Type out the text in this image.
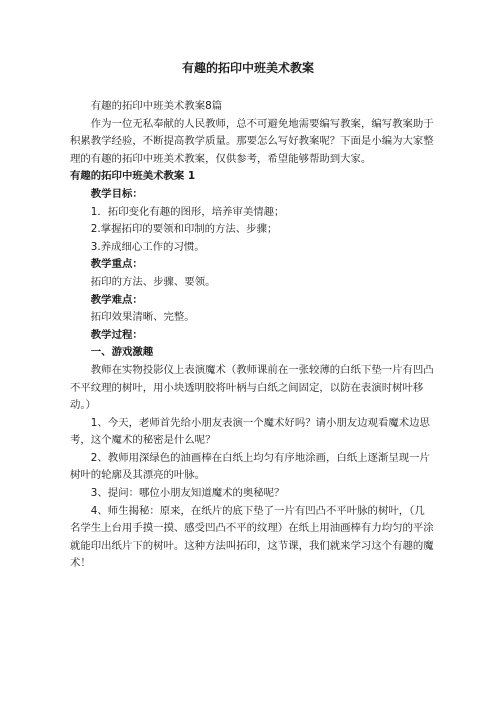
有趣的拓印中班美术教案

有趣的拓印中班美术教案8篇

作为一位无私奉献的人民教师，总不可避免地需要编写教案，编写教案助于积累教学经验，不断提高教学质量。那要怎么写好教案呢？下面是小编为大家整理的有趣的拓印中班美术教案，仅供参考，希望能够帮助到大家。

有趣的拓印中班美术教案 1

教学目标：

1．拓印变化有趣的图形，培养审美情趣；

2.掌握拓印的要领和印制的方法、步骤；

3.养成细心工作的习惯。

教学重点：

拓印的方法、步骤、要领。

教学难点：

拓印效果清晰、完整。

教学过程：

一、游戏激趣

教师在实物投影仪上表演魔术（教师课前在一张较薄的白纸下垫一片有凹凸不平纹理的树叶，用小块透明胶将叶柄与白纸之间固定，以防在表演时树叶移动。）

1、今天，老师首先给小朋友表演一个魔术好吗？请小朋友边观看魔术边思考，这个魔术的秘密是什么呢？

2、教师用深绿色的油画棒在白纸上均匀有序地涂画，白纸上逐渐呈现一片树叶的轮廓及其漂亮的叶脉。

3、提问：哪位小朋友知道魔术的奥秘呢？

4、师生揭秘：原来，在纸片的底下垫了一片有凹凸不平叶脉的树叶，（几名学生上台用手摸一摸、感受凹凸不平的纹理）在纸上用油画棒有力均匀的平涂就能印出纸片下的树叶。这种方法叫拓印，这节课，我们就来学习这个有趣的魔术！
